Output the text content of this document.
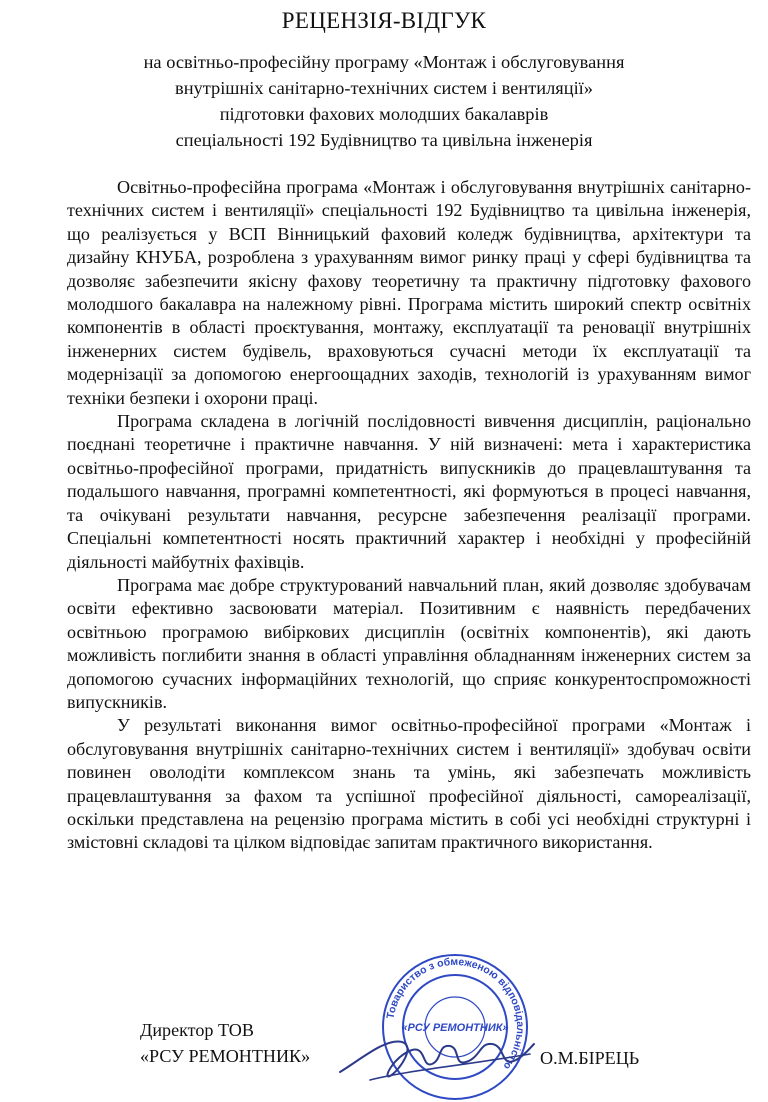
РЕЦЕНЗІЯ-ВІДГУК

на освітньо-професійну програму «Монтаж і обслуговування

внутрішніх санітарно-технічних систем і вентиляції»

підготовки фахових молодших бакалаврів

спеціальності 192 Будівництво та цивільна інженерія

Освітньо-професійна програма «Монтаж і обслуговування внутрішніх санітарно-технічних систем і вентиляції» спеціальності 192 Будівництво та цивільна інженерія, що реалізується у ВСП Вінницький фаховий коледж будівництва, архітектури та дизайну КНУБА, розроблена з урахуванням вимог ринку праці у сфері будівництва та дозволяє забезпечити якісну фахову теоретичну та практичну підготовку фахового молодшого бакалавра на належному рівні. Програма містить широкий спектр освітніх компонентів в області проєктування, монтажу, експлуатації та реновації внутрішніх інженерних систем будівель, враховуються сучасні методи їх експлуатації та модернізації за допомогою енергоощадних заходів, технологій із урахуванням вимог техніки безпеки і охорони праці.

Програма складена в логічній послідовності вивчення дисциплін, раціонально поєднані теоретичне і практичне навчання. У ній визначені: мета і характеристика освітньо-професійної програми, придатність випускників до працевлаштування та подальшого навчання, програмні компетентності, які формуються в процесі навчання, та очікувані результати навчання, ресурсне забезпечення реалізації програми. Спеціальні компетентності носять практичний характер і необхідні у професійній діяльності майбутніх фахівців.

Програма має добре структурований навчальний план, який дозволяє здобувачам освіти ефективно засвоювати матеріал. Позитивним є наявність передбачених освітньою програмою вибіркових дисциплін (освітніх компонентів), які дають можливість поглибити знання в області управління обладнанням інженерних систем за допомогою сучасних інформаційних технологій, що сприяє конкурентоспроможності випускників.

У результаті виконання вимог освітньо-професійної програми «Монтаж і обслуговування внутрішніх санітарно-технічних систем і вентиляції» здобувач освіти повинен оволодіти комплексом знань та умінь, які забезпечать можливість працевлаштування за фахом та успішної професійної діяльності, самореалізації, оскільки представлена на рецензію програма містить в собі усі необхідні структурні і змістовні складові та цілком відповідає запитам практичного використання.

Товариство з обмеженою відповідальністю
«РСУ РЕМОНТНИК»
Директор ТОВ
«РСУ РЕМОНТНИК»	О.М.БІРЕЦЬ
